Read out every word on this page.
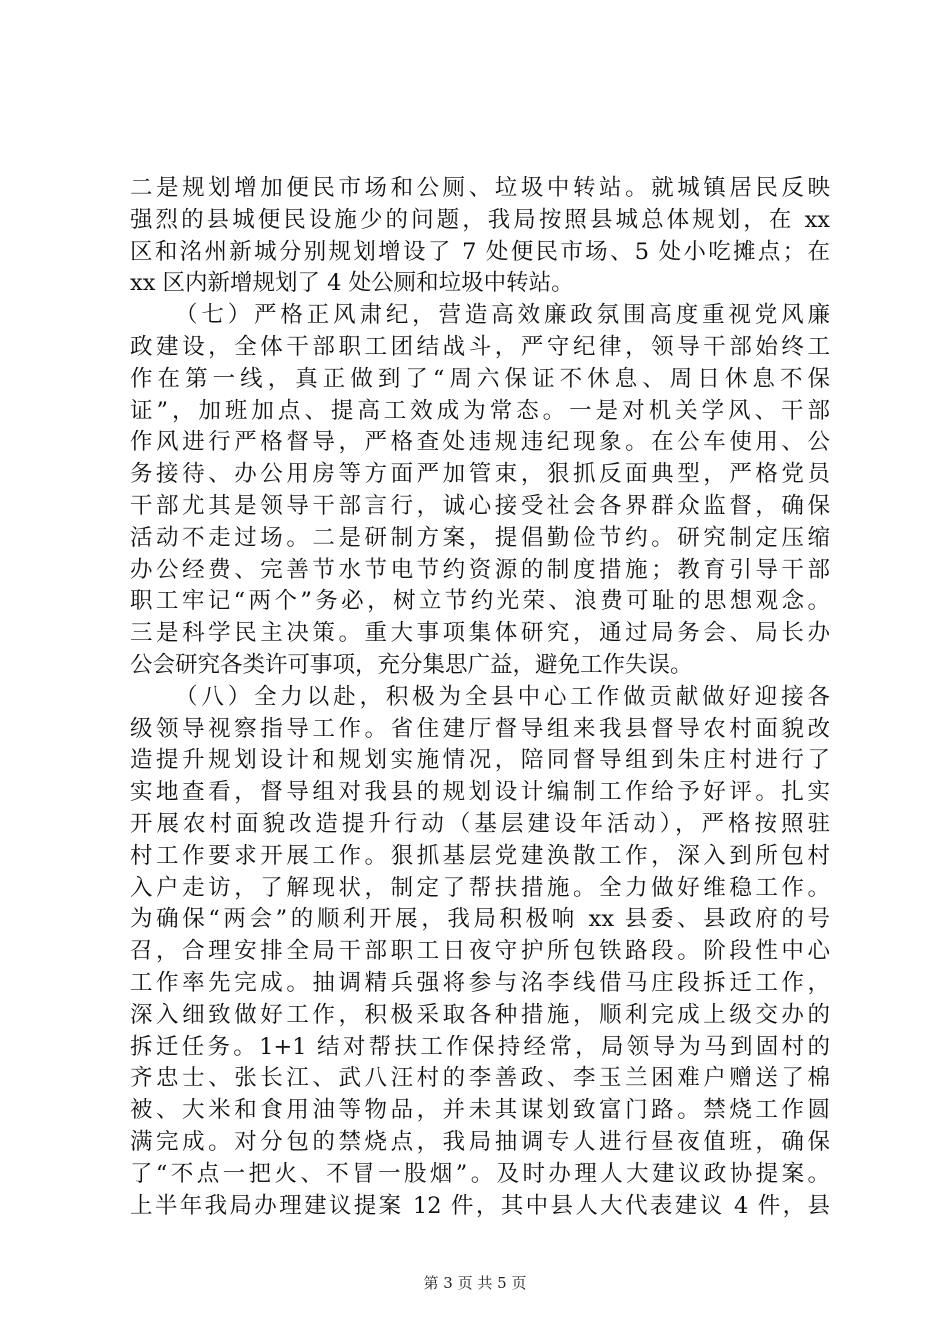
二是规划增加便民市场和公厕、垃圾中转站。就城镇居民反映
强烈的县城便民设施少的问题，我局按照县城总体规划，在 xx
区和洺州新城分别规划增设了 7 处便民市场、5 处小吃摊点；在
xx 区内新增规划了 4 处公厕和垃圾中转站。
（七）严格正风肃纪，营造高效廉政氛围高度重视党风廉
政建设，全体干部职工团结战斗，严守纪律，领导干部始终工
作在第一线，真正做到了“周六保证不休息、周日休息不保
证”，加班加点、提高工效成为常态。一是对机关学风、干部
作风进行严格督导，严格查处违规违纪现象。在公车使用、公
务接待、办公用房等方面严加管束，狠抓反面典型，严格党员
干部尤其是领导干部言行，诚心接受社会各界群众监督，确保
活动不走过场。二是研制方案，提倡勤俭节约。研究制定压缩
办公经费、完善节水节电节约资源的制度措施；教育引导干部
职工牢记“两个”务必，树立节约光荣、浪费可耻的思想观念。
三是科学民主决策。重大事项集体研究，通过局务会、局长办
公会研究各类许可事项，充分集思广益，避免工作失误。
（八）全力以赴，积极为全县中心工作做贡献做好迎接各
级领导视察指导工作。省住建厅督导组来我县督导农村面貌改
造提升规划设计和规划实施情况，陪同督导组到朱庄村进行了
实地查看，督导组对我县的规划设计编制工作给予好评。扎实
开展农村面貌改造提升行动（基层建设年活动），严格按照驻
村工作要求开展工作。狠抓基层党建涣散工作，深入到所包村
入户走访，了解现状，制定了帮扶措施。全力做好维稳工作。
为确保“两会”的顺利开展，我局积极响 xx 县委、县政府的号
召，合理安排全局干部职工日夜守护所包铁路段。阶段性中心
工作率先完成。抽调精兵强将参与洺李线借马庄段拆迁工作，
深入细致做好工作，积极采取各种措施，顺利完成上级交办的
拆迁任务。1+1 结对帮扶工作保持经常，局领导为马到固村的
齐忠士、张长江、武八汪村的李善政、李玉兰困难户赠送了棉
被、大米和食用油等物品，并未其谋划致富门路。禁烧工作圆
满完成。对分包的禁烧点，我局抽调专人进行昼夜值班，确保
了“不点一把火、不冒一股烟”。及时办理人大建议政协提案。
上半年我局办理建议提案 12 件，其中县人大代表建议 4 件，县
第 3 页 共 5 页
